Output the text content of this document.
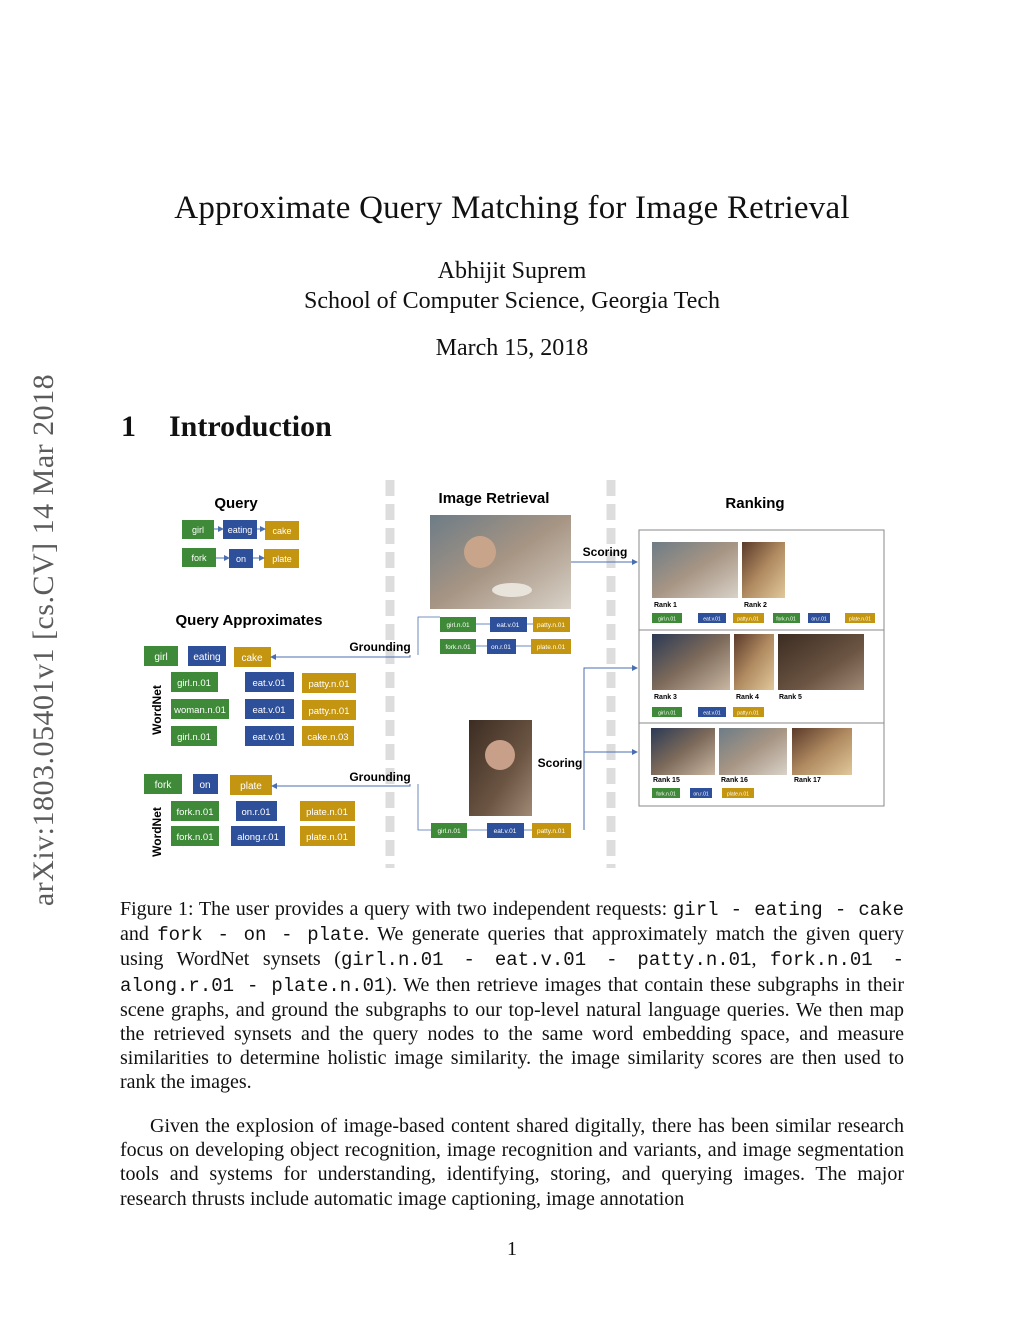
arXiv:1803.05401v1 [cs.CV] 14 Mar 2018
Approximate Query Matching for Image Retrieval
Abhijit Suprem
School of Computer Science, Georgia Tech
March 15, 2018
1 Introduction
Query	Image Retrieval	Ranking
Query Approximates
girl	eating cake
fork	on	plate
girl	eating cake
WordNet
girl.n.01	eat.v.01 patty.n.01
woman.n.01	eat.v.01 patty.n.01
girl.n.01	eat.v.01 cake.n.03
Grounding
fork	on	plate
WordNet fork.n.01	on.r.01	plate.n.01
fork.n.01 along.r.01	plate.n.01
Grounding
girl.n.01	eat.v.01	patty.n.01
fork.n.01	on.r.01	plate.n.01
girl.n.01	eat.v.01	patty.n.01
Scoring
Scoring
Rank 1	Rank 2
girl.n.01	eat.v.01	patty.n.01	fork.n.01	on.r.01	plate.n.01
Rank 3	Rank 4	Rank 5
girl.n.01	eat.v.01	patty.n.01
Rank 15	Rank 16	Rank 17
fork.n.01	on.r.01	plate.n.01
Figure 1: The user provides a query with two independent requests: girl - eating - cake and fork - on - plate. We generate queries that approximately match the given query using WordNet synsets (girl.n.01 - eat.v.01 - patty.n.01, fork.n.01 - along.r.01 - plate.n.01). We then retrieve images that contain these subgraphs in their scene graphs, and ground the subgraphs to our top-level natural language queries. We then map the retrieved synsets and the query nodes to the same word embedding space, and measure similarities to determine holistic image similarity. the image similarity scores are then used to rank the images.
Given the explosion of image-based content shared digitally, there has been similar research focus on developing object recognition, image recognition and variants, and image segmentation tools and systems for understanding, identifying, storing, and querying images. The major research thrusts include automatic image captioning, image annotation
1
